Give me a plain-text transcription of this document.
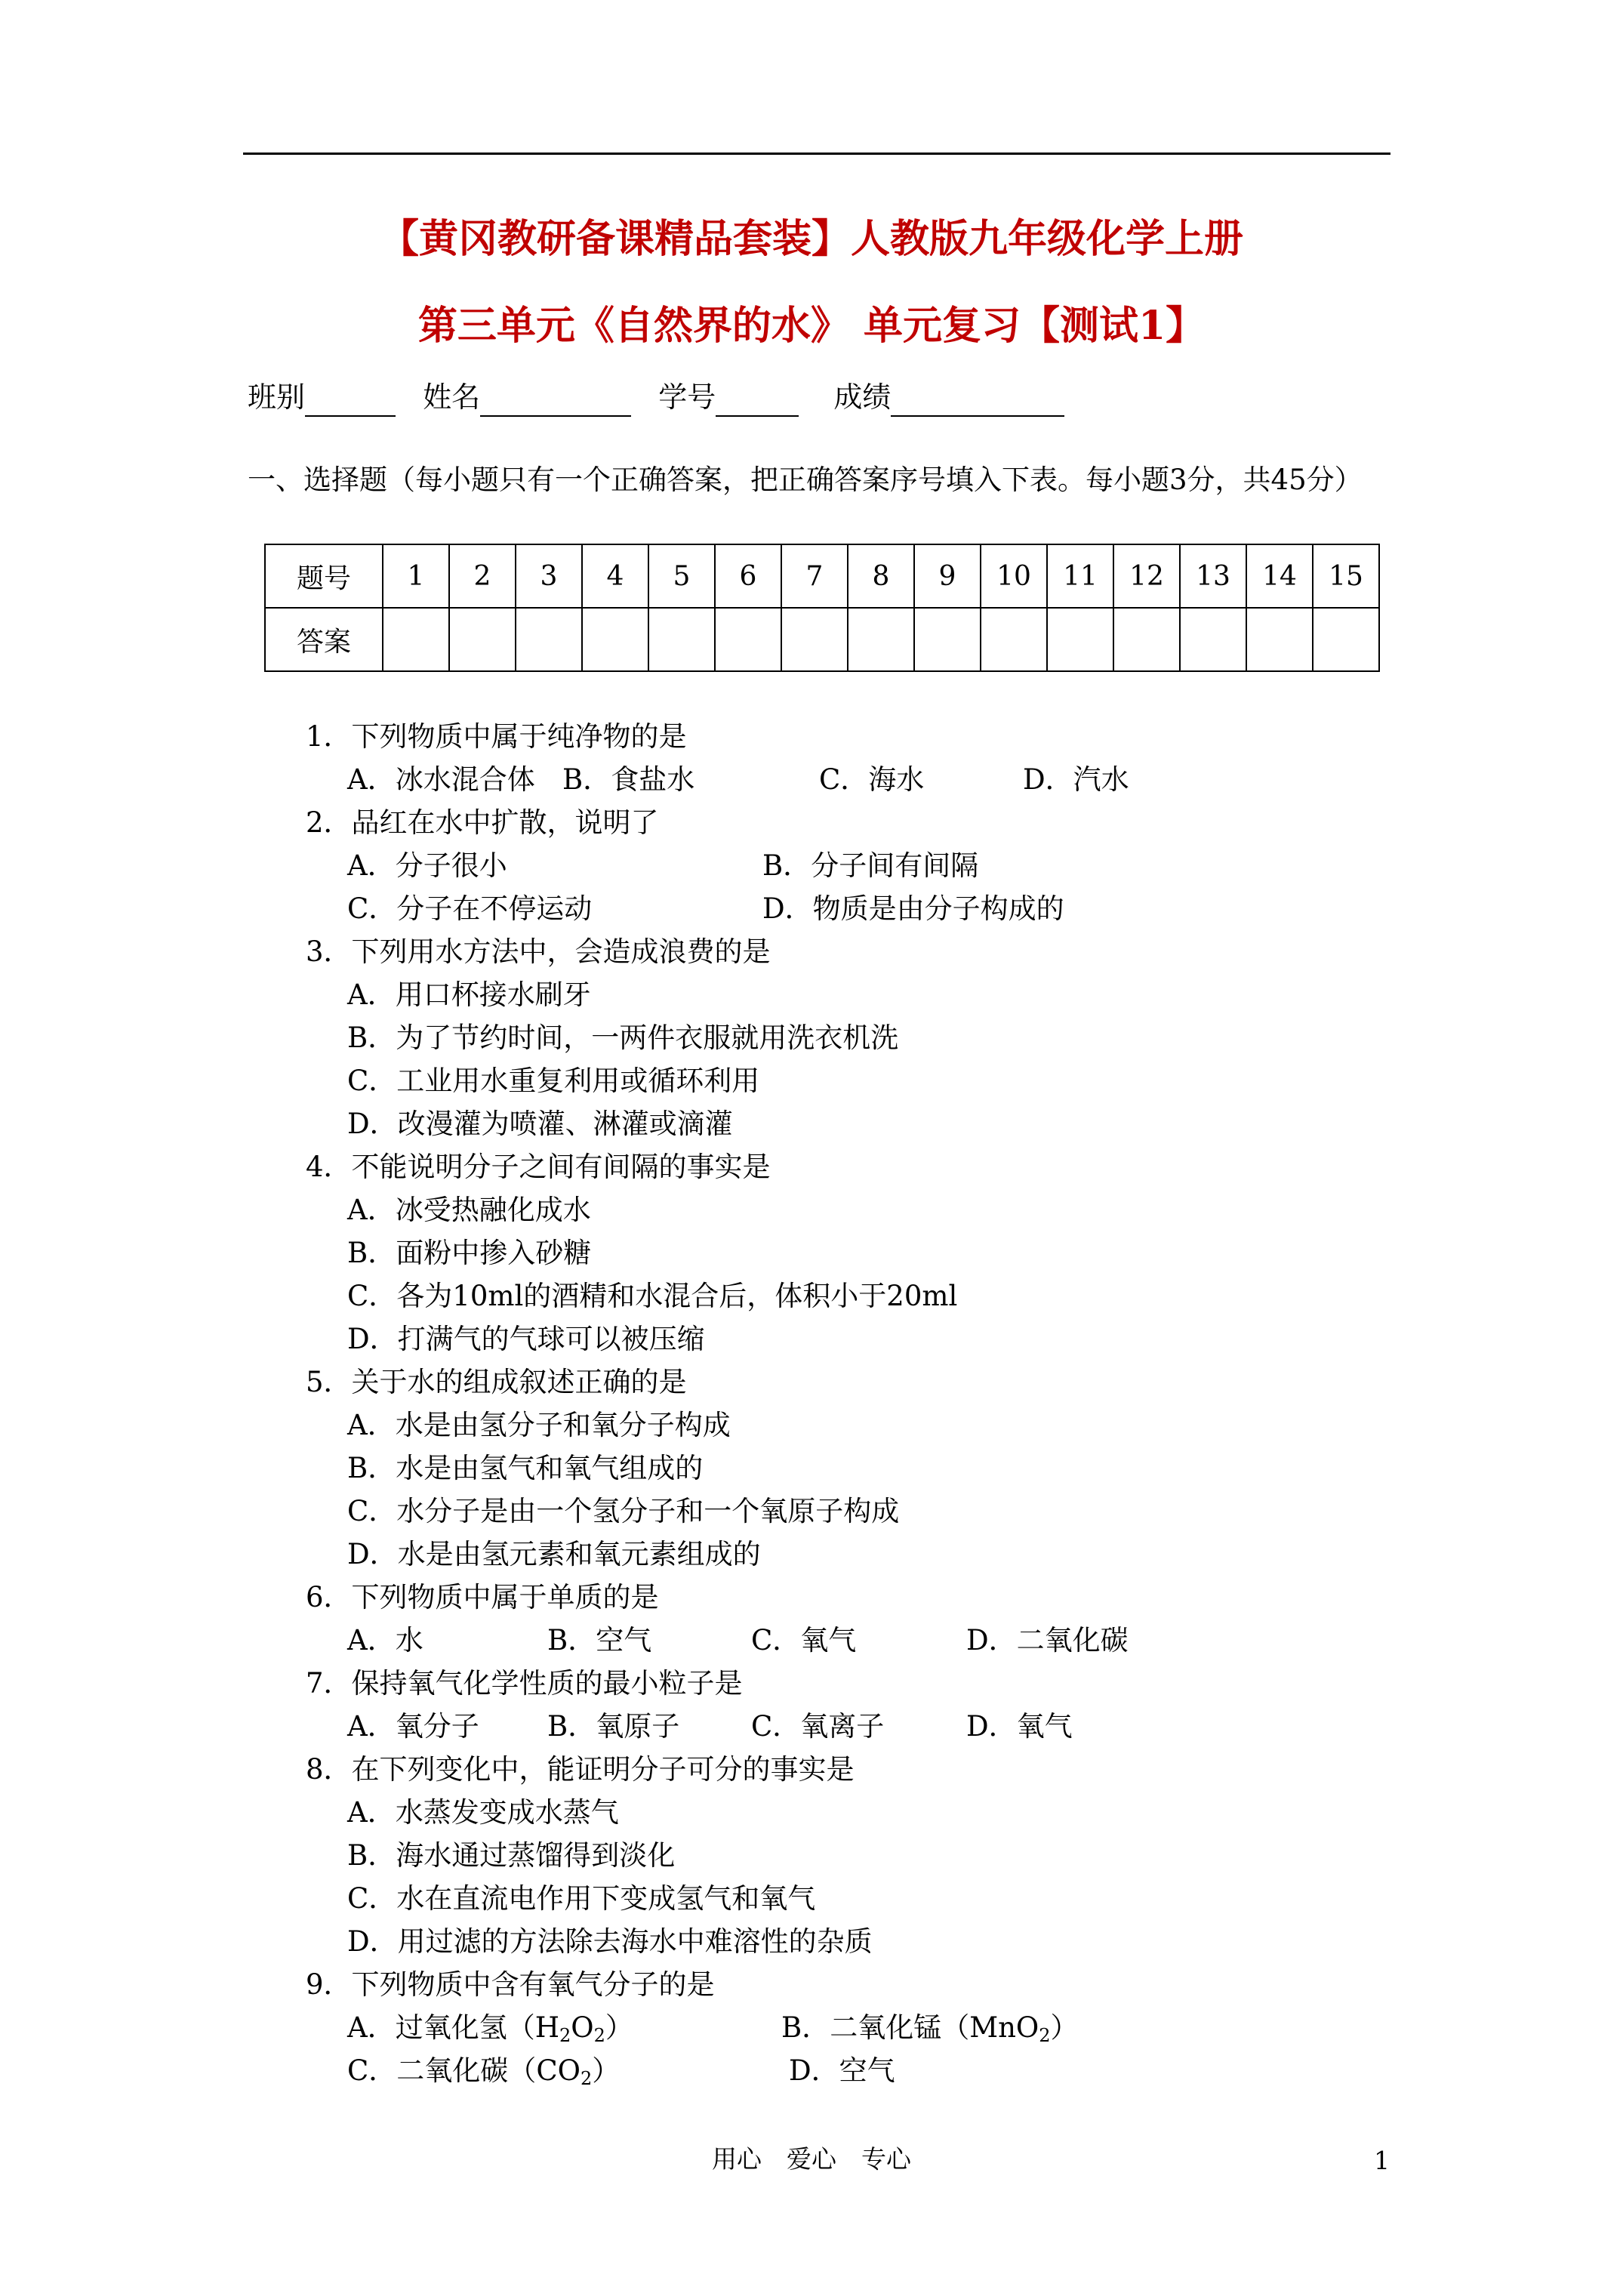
【黄冈教研备课精品套装】人教版九年级化学上册
第三单元《自然界的水》 单元复习【测试1】
班别	姓名	学号	成绩
一、选择题（每小题只有一个正确答案，把正确答案序号填入下表。每小题3分，共45分）
题号	1	2	3	4	5	6	7	8	9	10	11	12	13	14	15
答案															
1．下列物质中属于纯净物的是
A．冰水混合体 B．食盐水	C．海水	D．汽水
2．品红在水中扩散，说明了
A．分子很小	B．分子间有间隔
C．分子在不停运动	D．物质是由分子构成的
3．下列用水方法中，会造成浪费的是
A．用口杯接水刷牙
B．为了节约时间，一两件衣服就用洗衣机洗
C．工业用水重复利用或循环利用
D．改漫灌为喷灌、淋灌或滴灌
4．不能说明分子之间有间隔的事实是
A．冰受热融化成水
B．面粉中掺入砂糖
C．各为10ml的酒精和水混合后，体积小于20ml
D．打满气的气球可以被压缩
5．关于水的组成叙述正确的是
A．水是由氢分子和氧分子构成
B．水是由氢气和氧气组成的
C．水分子是由一个氢分子和一个氧原子构成
D．水是由氢元素和氧元素组成的
6．下列物质中属于单质的是
A．水	B．空气	C．氧气	D．二氧化碳
7．保持氧气化学性质的最小粒子是
A．氧分子 B．氧原子	C．氧离子	D．氧气
8．在下列变化中，能证明分子可分的事实是
A．水蒸发变成水蒸气
B．海水通过蒸馏得到淡化
C．水在直流电作用下变成氢气和氧气
D．用过滤的方法除去海水中难溶性的杂质
9．下列物质中含有氧气分子的是
A．过氧化氢$(H_2O_2)$	B．二氧化锰（MnO$_2$）
C．二氧化碳$(CO_2)$	D．空气
用心　爱心　专心	1
